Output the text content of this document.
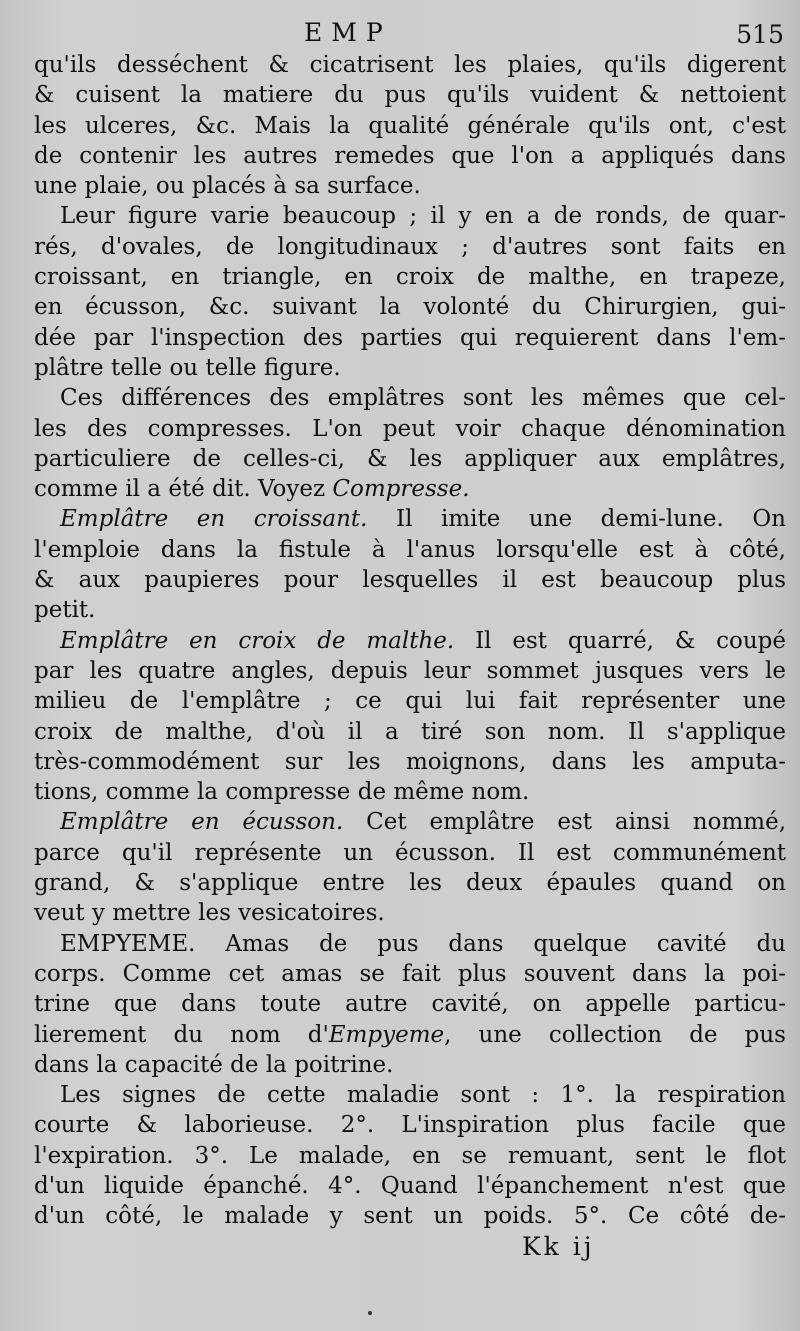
EMP	515
qu'ils desséchent & cicatrisent les plaies, qu'ils digerent
& cuisent la matiere du pus qu'ils vuident & nettoient
les ulceres, &c. Mais la qualité générale qu'ils ont, c'est
de contenir les autres remedes que l'on a appliqués dans
une plaie, ou placés à sa surface.
Leur figure varie beaucoup ; il y en a de ronds, de quar-
rés, d'ovales, de longitudinaux ; d'autres sont faits en
croissant, en triangle, en croix de malthe, en trapeze,
en écusson, &c. suivant la volonté du Chirurgien, gui-
dée par l'inspection des parties qui requierent dans l'em-
plâtre telle ou telle figure.
Ces différences des emplâtres sont les mêmes que cel-
les des compresses. L'on peut voir chaque dénomination
particuliere de celles-ci, & les appliquer aux emplâtres,
comme il a été dit. Voyez Compresse.
Emplâtre en croissant. Il imite une demi-lune. On
l'emploie dans la fistule à l'anus lorsqu'elle est à côté,
& aux paupieres pour lesquelles il est beaucoup plus
petit.
Emplâtre en croix de malthe. Il est quarré, & coupé
par les quatre angles, depuis leur sommet jusques vers le
milieu de l'emplâtre ; ce qui lui fait représenter une
croix de malthe, d'où il a tiré son nom. Il s'applique
très-commodément sur les moignons, dans les amputa-
tions, comme la compresse de même nom.
Emplâtre en écusson. Cet emplâtre est ainsi nommé,
parce qu'il représente un écusson. Il est communément
grand, & s'applique entre les deux épaules quand on
veut y mettre les vesicatoires.
EMPYEME. Amas de pus dans quelque cavité du
corps. Comme cet amas se fait plus souvent dans la poi-
trine que dans toute autre cavité, on appelle particu-
lierement du nom d'Empyeme, une collection de pus
dans la capacité de la poitrine.
Les signes de cette maladie sont : 1°. la respiration
courte & laborieuse. 2°. L'inspiration plus facile que
l'expiration. 3°. Le malade, en se remuant, sent le flot
d'un liquide épanché. 4°. Quand l'épanchement n'est que
d'un côté, le malade y sent un poids. 5°. Ce côté de-
Kk ij
